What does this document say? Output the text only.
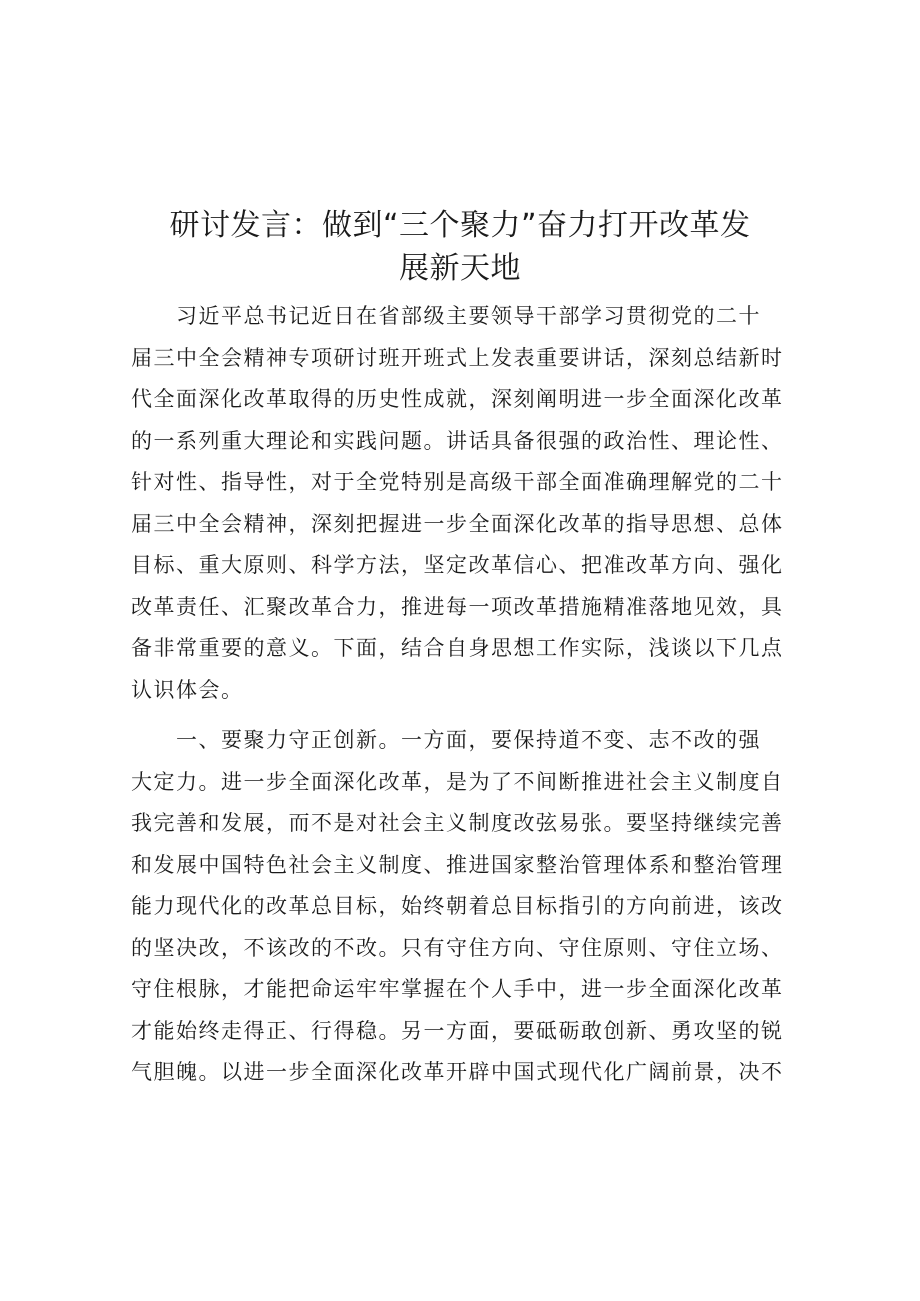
研讨发言：做到“三个聚力”奋力打开改革发
展新天地
　　习近平总书记近日在省部级主要领导干部学习贯彻党的二十
届三中全会精神专项研讨班开班式上发表重要讲话，深刻总结新时
代全面深化改革取得的历史性成就，深刻阐明进一步全面深化改革
的一系列重大理论和实践问题。讲话具备很强的政治性、理论性、
针对性、指导性，对于全党特别是高级干部全面准确理解党的二十
届三中全会精神，深刻把握进一步全面深化改革的指导思想、总体
目标、重大原则、科学方法，坚定改革信心、把准改革方向、强化
改革责任、汇聚改革合力，推进每一项改革措施精准落地见效，具
备非常重要的意义。下面，结合自身思想工作实际，浅谈以下几点
认识体会。
　　一、要聚力守正创新。一方面，要保持道不变、志不改的强
大定力。进一步全面深化改革，是为了不间断推进社会主义制度自
我完善和发展，而不是对社会主义制度改弦易张。要坚持继续完善
和发展中国特色社会主义制度、推进国家整治管理体系和整治管理
能力现代化的改革总目标，始终朝着总目标指引的方向前进，该改
的坚决改，不该改的不改。只有守住方向、守住原则、守住立场、
守住根脉，才能把命运牢牢掌握在个人手中，进一步全面深化改革
才能始终走得正、行得稳。另一方面，要砥砺敢创新、勇攻坚的锐
气胆魄。以进一步全面深化改革开辟中国式现代化广阔前景，决不
